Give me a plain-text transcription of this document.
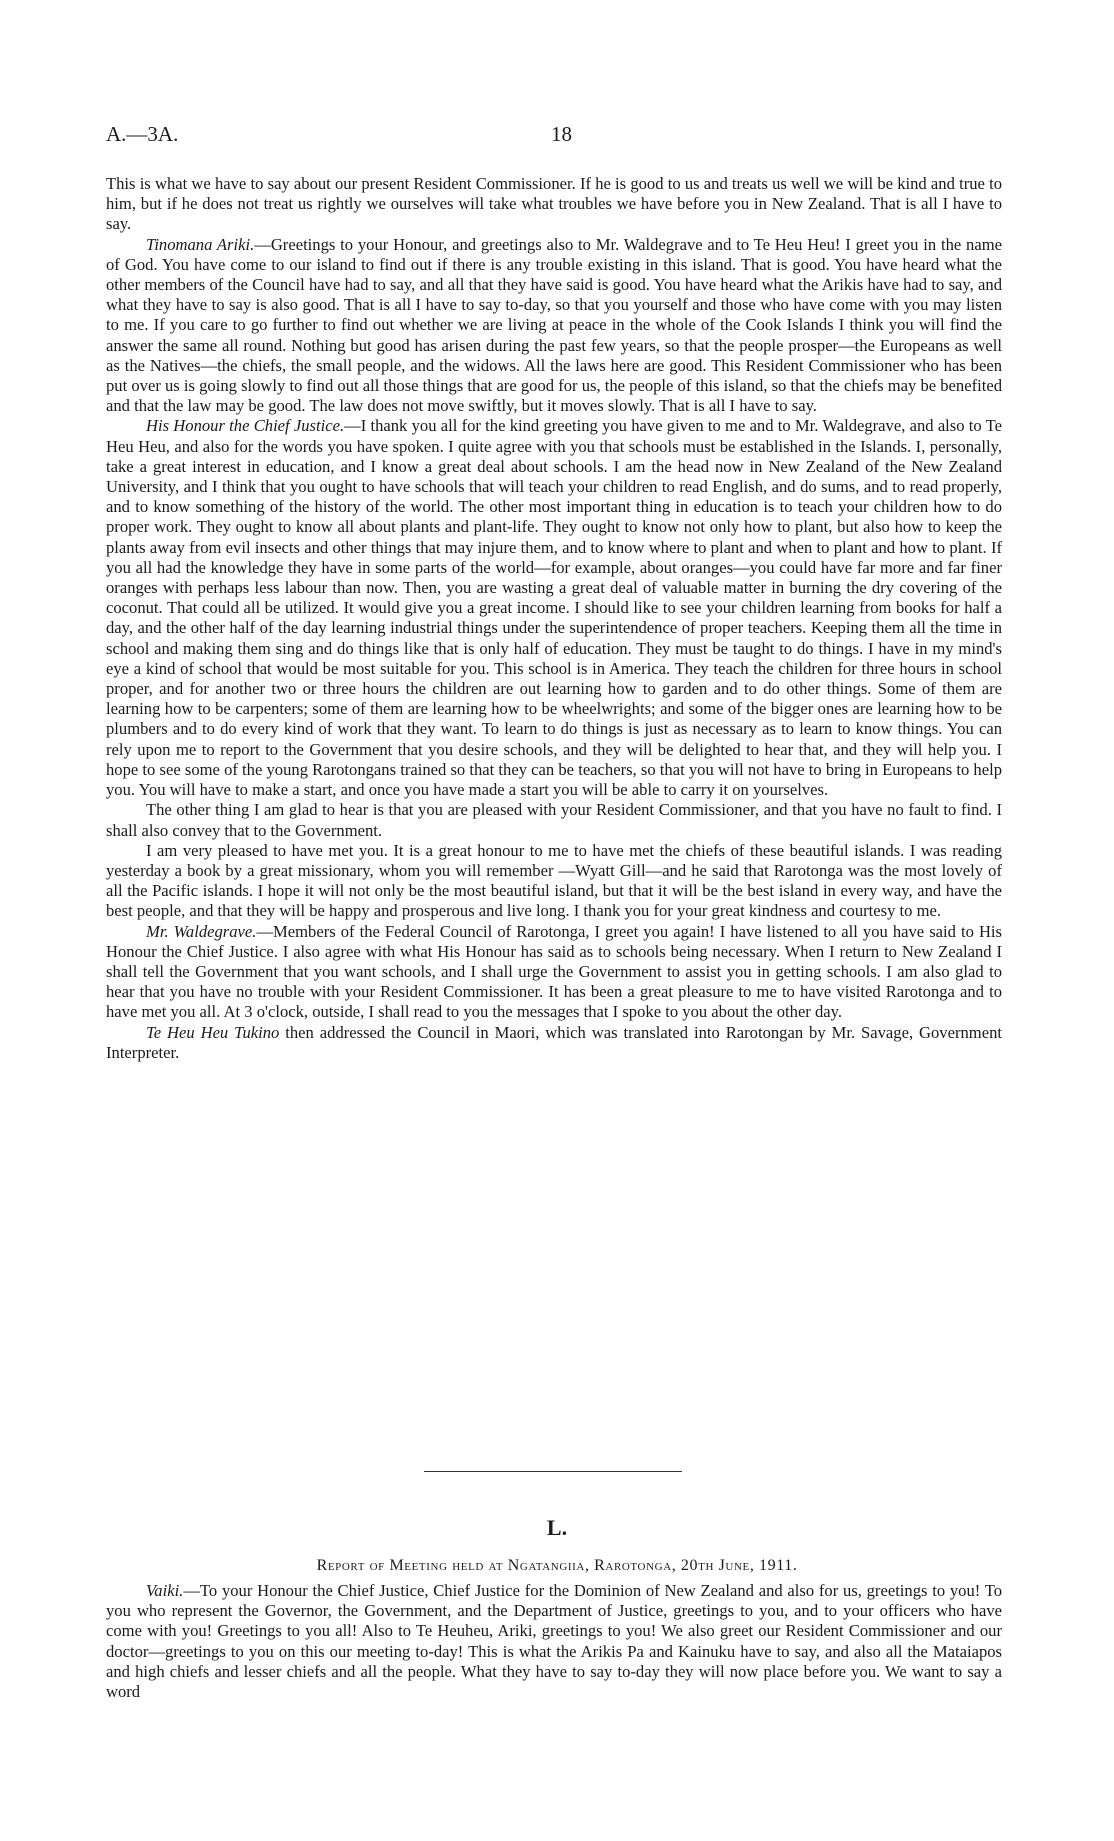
A.—3A.	18

This is what we have to say about our present Resident Commissioner. If he is good to us and treats us well we will be kind and true to him, but if he does not treat us rightly we ourselves will take what troubles we have before you in New Zealand. That is all I have to say.

Tinomana Ariki.—Greetings to your Honour, and greetings also to Mr. Waldegrave and to Te Heu Heu! I greet you in the name of God. You have come to our island to find out if there is any trouble existing in this island. That is good. You have heard what the other members of the Council have had to say, and all that they have said is good. You have heard what the Arikis have had to say, and what they have to say is also good. That is all I have to say to-day, so that you yourself and those who have come with you may listen to me. If you care to go further to find out whether we are living at peace in the whole of the Cook Islands I think you will find the answer the same all round. Nothing but good has arisen during the past few years, so that the people prosper—the Europeans as well as the Natives—the chiefs, the small people, and the widows. All the laws here are good. This Resident Commissioner who has been put over us is going slowly to find out all those things that are good for us, the people of this island, so that the chiefs may be benefited and that the law may be good. The law does not move swiftly, but it moves slowly. That is all I have to say.

His Honour the Chief Justice.—I thank you all for the kind greeting you have given to me and to Mr. Waldegrave, and also to Te Heu Heu, and also for the words you have spoken. I quite agree with you that schools must be established in the Islands. I, personally, take a great interest in education, and I know a great deal about schools. I am the head now in New Zealand of the New Zealand University, and I think that you ought to have schools that will teach your children to read English, and do sums, and to read properly, and to know something of the history of the world. The other most important thing in education is to teach your children how to do proper work. They ought to know all about plants and plant-life. They ought to know not only how to plant, but also how to keep the plants away from evil insects and other things that may injure them, and to know where to plant and when to plant and how to plant. If you all had the knowledge they have in some parts of the world—for example, about oranges—you could have far more and far finer oranges with perhaps less labour than now. Then, you are wasting a great deal of valuable matter in burning the dry covering of the coconut. That could all be utilized. It would give you a great income. I should like to see your children learning from books for half a day, and the other half of the day learning industrial things under the superintendence of proper teachers. Keeping them all the time in school and making them sing and do things like that is only half of education. They must be taught to do things. I have in my mind's eye a kind of school that would be most suitable for you. This school is in America. They teach the children for three hours in school proper, and for another two or three hours the children are out learning how to garden and to do other things. Some of them are learning how to be carpenters; some of them are learning how to be wheelwrights; and some of the bigger ones are learning how to be plumbers and to do every kind of work that they want. To learn to do things is just as necessary as to learn to know things. You can rely upon me to report to the Government that you desire schools, and they will be delighted to hear that, and they will help you. I hope to see some of the young Rarotongans trained so that they can be teachers, so that you will not have to bring in Europeans to help you. You will have to make a start, and once you have made a start you will be able to carry it on yourselves.

The other thing I am glad to hear is that you are pleased with your Resident Commissioner, and that you have no fault to find. I shall also convey that to the Government.

I am very pleased to have met you. It is a great honour to me to have met the chiefs of these beautiful islands. I was reading yesterday a book by a great missionary, whom you will remember —Wyatt Gill—and he said that Rarotonga was the most lovely of all the Pacific islands. I hope it will not only be the most beautiful island, but that it will be the best island in every way, and have the best people, and that they will be happy and prosperous and live long. I thank you for your great kindness and courtesy to me.

Mr. Waldegrave.—Members of the Federal Council of Rarotonga, I greet you again! I have listened to all you have said to His Honour the Chief Justice. I also agree with what His Honour has said as to schools being necessary. When I return to New Zealand I shall tell the Government that you want schools, and I shall urge the Government to assist you in getting schools. I am also glad to hear that you have no trouble with your Resident Commissioner. It has been a great pleasure to me to have visited Rarotonga and to have met you all. At 3 o'clock, outside, I shall read to you the messages that I spoke to you about the other day.

Te Heu Heu Tukino then addressed the Council in Maori, which was translated into Rarotongan by Mr. Savage, Government Interpreter.

L.
Report of Meeting held at Ngatangiia, Rarotonga, 20th June, 1911.

Vaiki.—To your Honour the Chief Justice, Chief Justice for the Dominion of New Zealand and also for us, greetings to you! To you who represent the Governor, the Government, and the Department of Justice, greetings to you, and to your officers who have come with you! Greetings to you all! Also to Te Heuheu, Ariki, greetings to you! We also greet our Resident Commissioner and our doctor—greetings to you on this our meeting to-day! This is what the Arikis Pa and Kainuku have to say, and also all the Mataiapos and high chiefs and lesser chiefs and all the people. What they have to say to-day they will now place before you. We want to say a word
